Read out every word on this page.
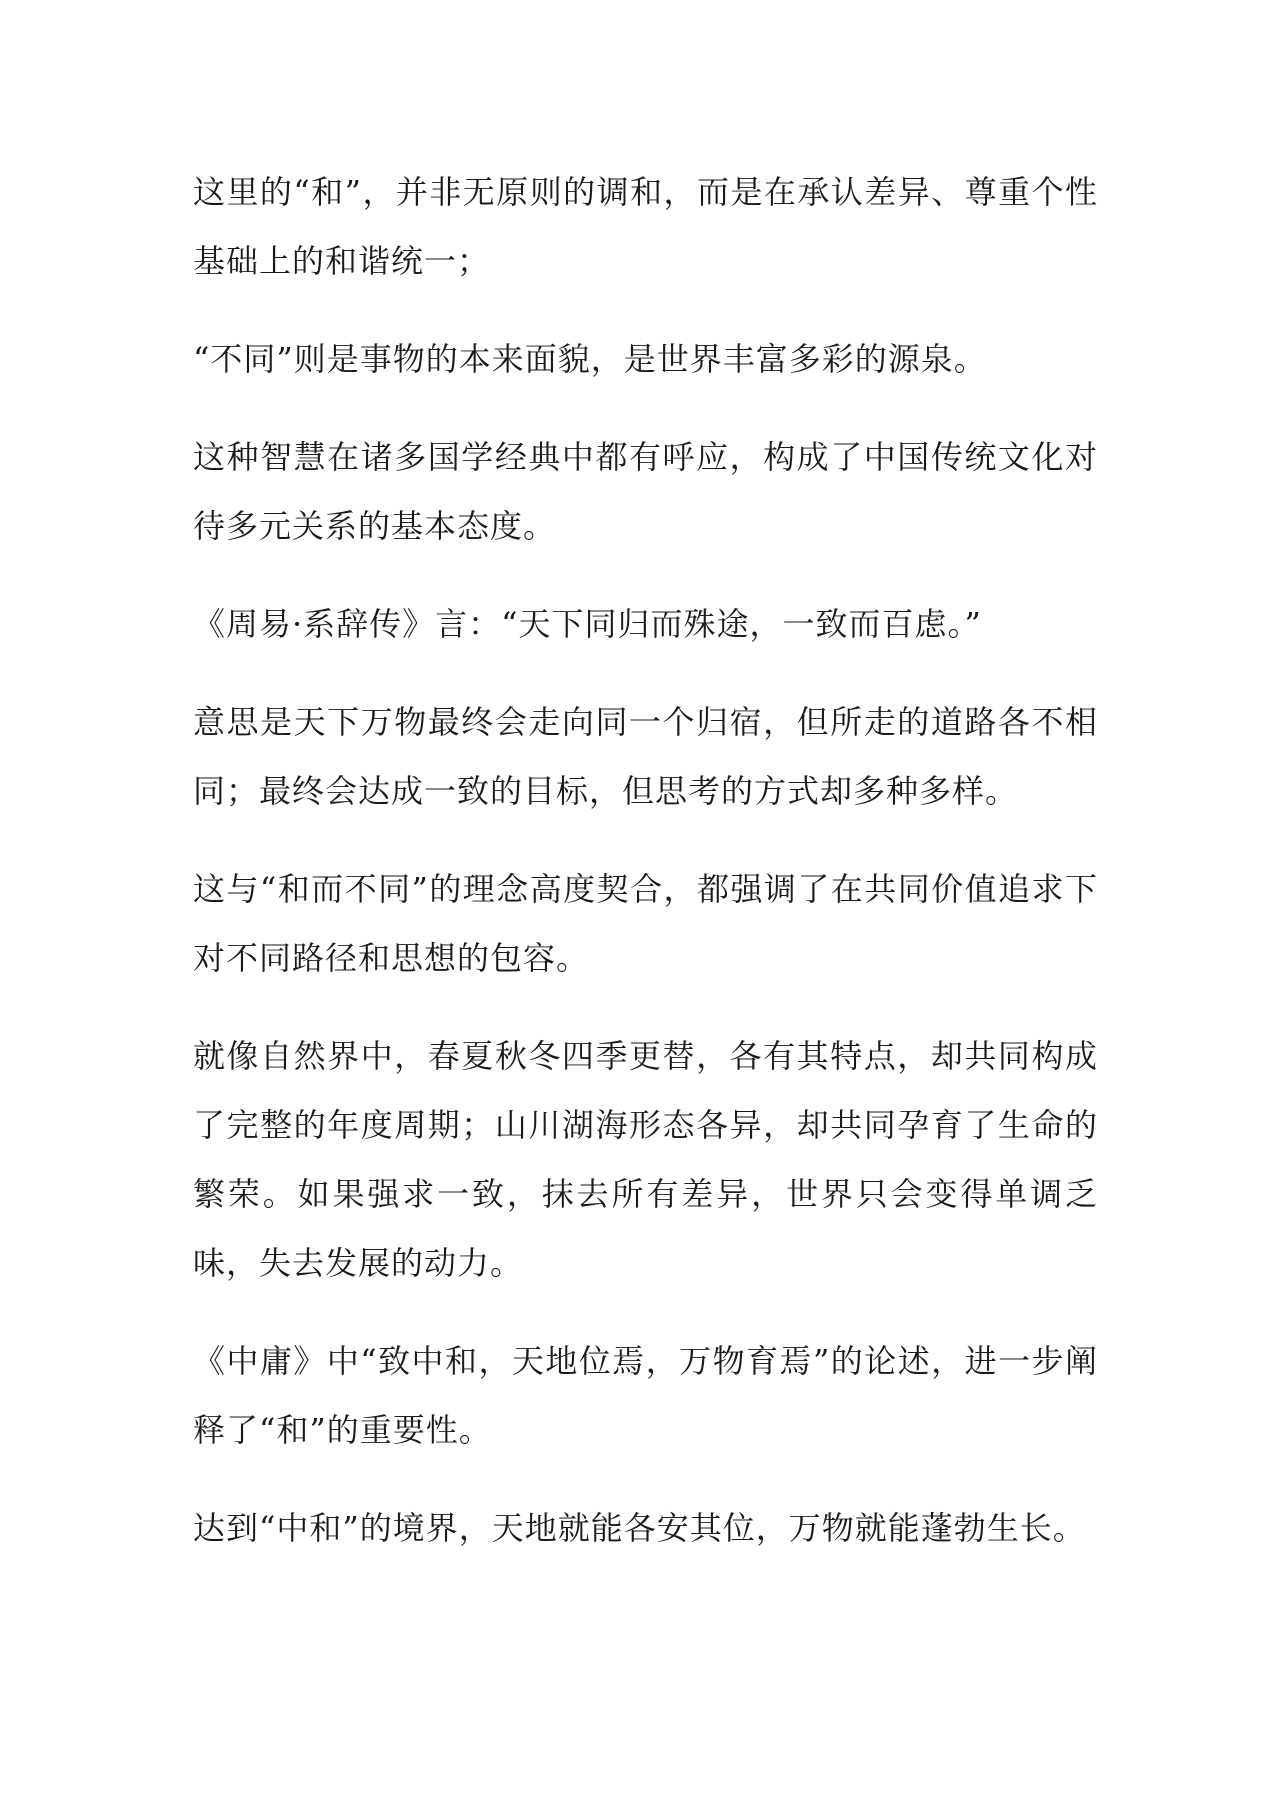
这里的“和”，并非无原则的调和，而是在承认差异、尊重个性基础上的和谐统一；

“不同”则是事物的本来面貌，是世界丰富多彩的源泉。

这种智慧在诸多国学经典中都有呼应，构成了中国传统文化对待多元关系的基本态度。

《周易·系辞传》言：“天下同归而殊途，一致而百虑。”

意思是天下万物最终会走向同一个归宿，但所走的道路各不相同；最终会达成一致的目标，但思考的方式却多种多样。

这与“和而不同”的理念高度契合，都强调了在共同价值追求下对不同路径和思想的包容。

就像自然界中，春夏秋冬四季更替，各有其特点，却共同构成了完整的年度周期；山川湖海形态各异，却共同孕育了生命的繁荣。如果强求一致，抹去所有差异，世界只会变得单调乏味，失去发展的动力。

《中庸》中“致中和，天地位焉，万物育焉”的论述，进一步阐释了“和”的重要性。

达到“中和”的境界，天地就能各安其位，万物就能蓬勃生长。
